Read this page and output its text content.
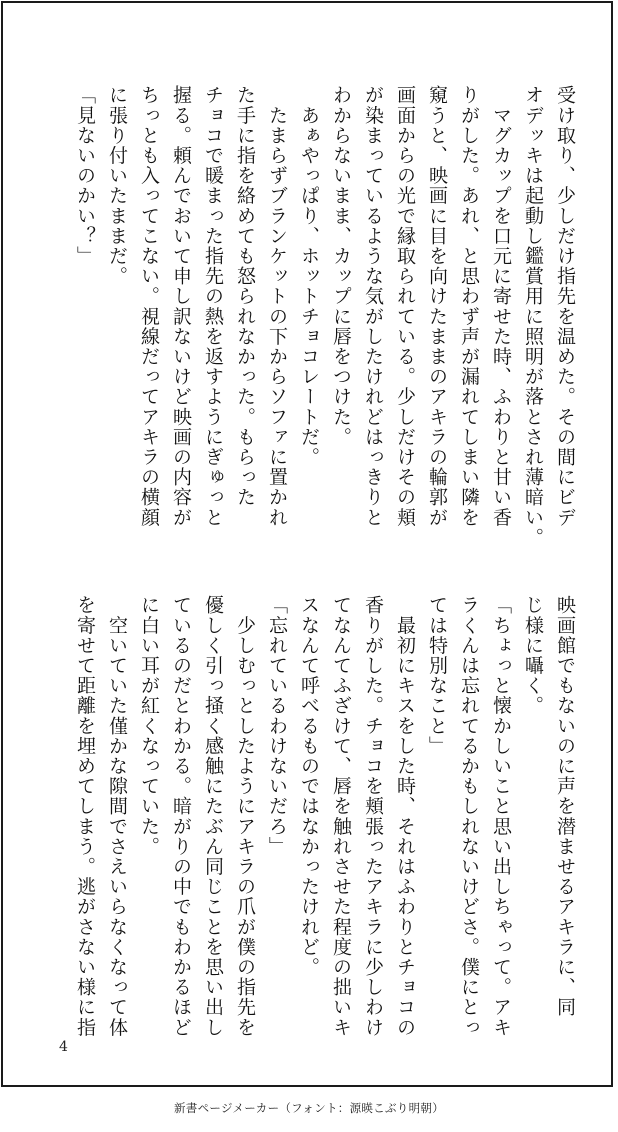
受け取り、少しだけ指先を温めた。その間にビデ
オデッキは起動し鑑賞用に照明が落とされ薄暗い。
　マグカップを口元に寄せた時、ふわりと甘い香
りがした。あれ、と思わず声が漏れてしまい隣を
窺うと、映画に目を向けたままのアキラの輪郭が
画面からの光で縁取られている。少しだけその頬
が染まっているような気がしたけれどはっきりと
わからないまま、カップに唇をつけた。
　あぁやっぱり、ホットチョコレートだ。
　たまらずブランケットの下からソファに置かれ
た手に指を絡めても怒られなかった。もらった
チョコで暖まった指先の熱を返すようにぎゅっと
握る。頼んでおいて申し訳ないけど映画の内容が
ちっとも入ってこない。視線だってアキラの横顔
に張り付いたままだ。
「見ないのかい？」
映画館でもないのに声を潜ませるアキラに、同
じ様に囁く。
「ちょっと懐かしいこと思い出しちゃって。アキ
ラくんは忘れてるかもしれないけどさ。僕にとっ
ては特別なこと」
　最初にキスをした時、それはふわりとチョコの
香りがした。チョコを頬張ったアキラに少しわけ
てなんてふざけて、唇を触れさせた程度の拙いキ
スなんて呼べるものではなかったけれど。
「忘れているわけないだろ」
　少しむっとしたようにアキラの爪が僕の指先を
優しく引っ掻く感触にたぶん同じことを思い出し
ているのだとわかる。暗がりの中でもわかるほど
に白い耳が紅くなっていた。
　空いていた僅かな隙間でさえいらなくなって体
を寄せて距離を埋めてしまう。逃がさない様に指
4
新書ページメーカー（フォント：源暎こぶり明朝）
